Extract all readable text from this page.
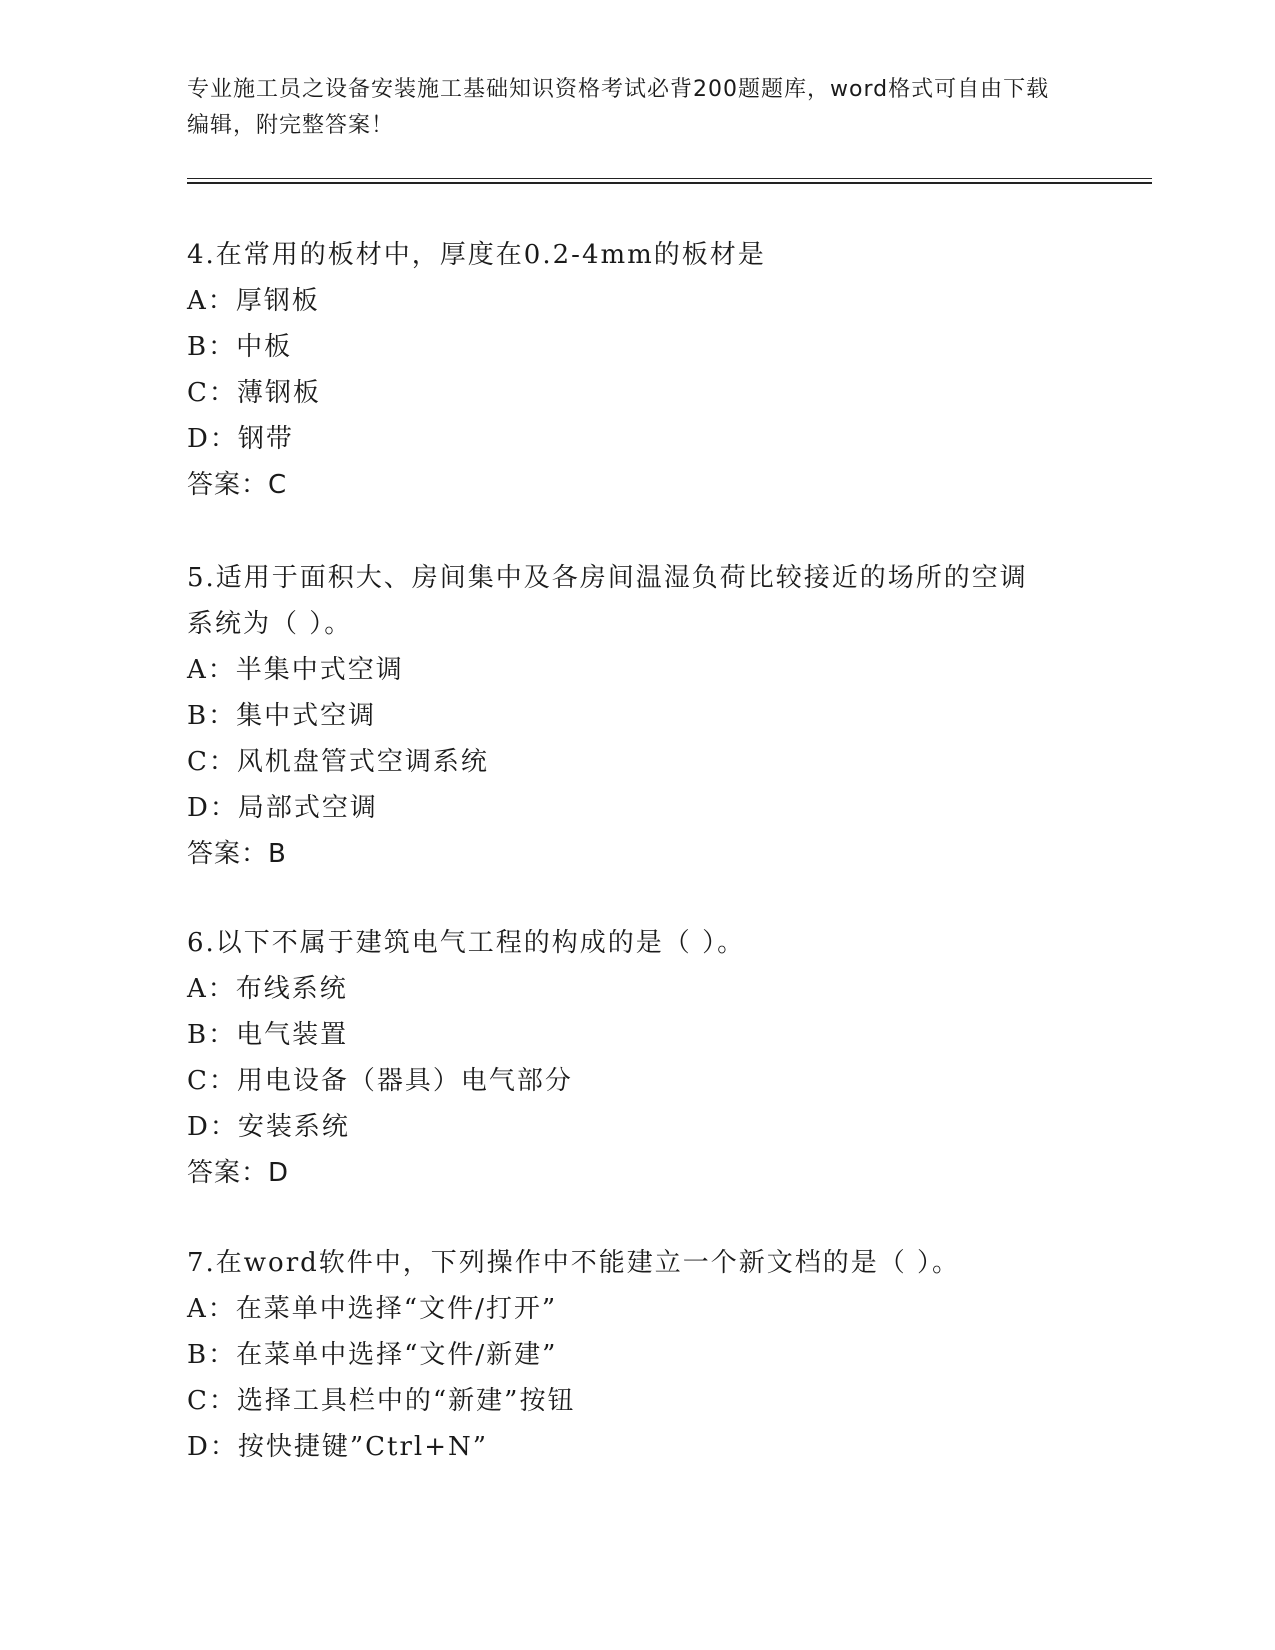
专业施工员之设备安装施工基础知识资格考试必背200题题库，word格式可自由下载编辑，附完整答案！
4.在常用的板材中，厚度在0.2-4mm的板材是
A：厚钢板
B：中板
C：薄钢板
D：钢带
答案：C
5.适用于面积大、房间集中及各房间温湿负荷比较接近的场所的空调
系统为（ ）。
A：半集中式空调
B：集中式空调
C：风机盘管式空调系统
D：局部式空调
答案：B
6.以下不属于建筑电气工程的构成的是（ ）。
A：布线系统
B：电气装置
C：用电设备（器具）电气部分
D：安装系统
答案：D
7.在word软件中，下列操作中不能建立一个新文档的是（ ）。
A：在菜单中选择“文件/打开”
B：在菜单中选择“文件/新建”
C：选择工具栏中的“新建”按钮
D：按快捷键”Ctrl+N”
